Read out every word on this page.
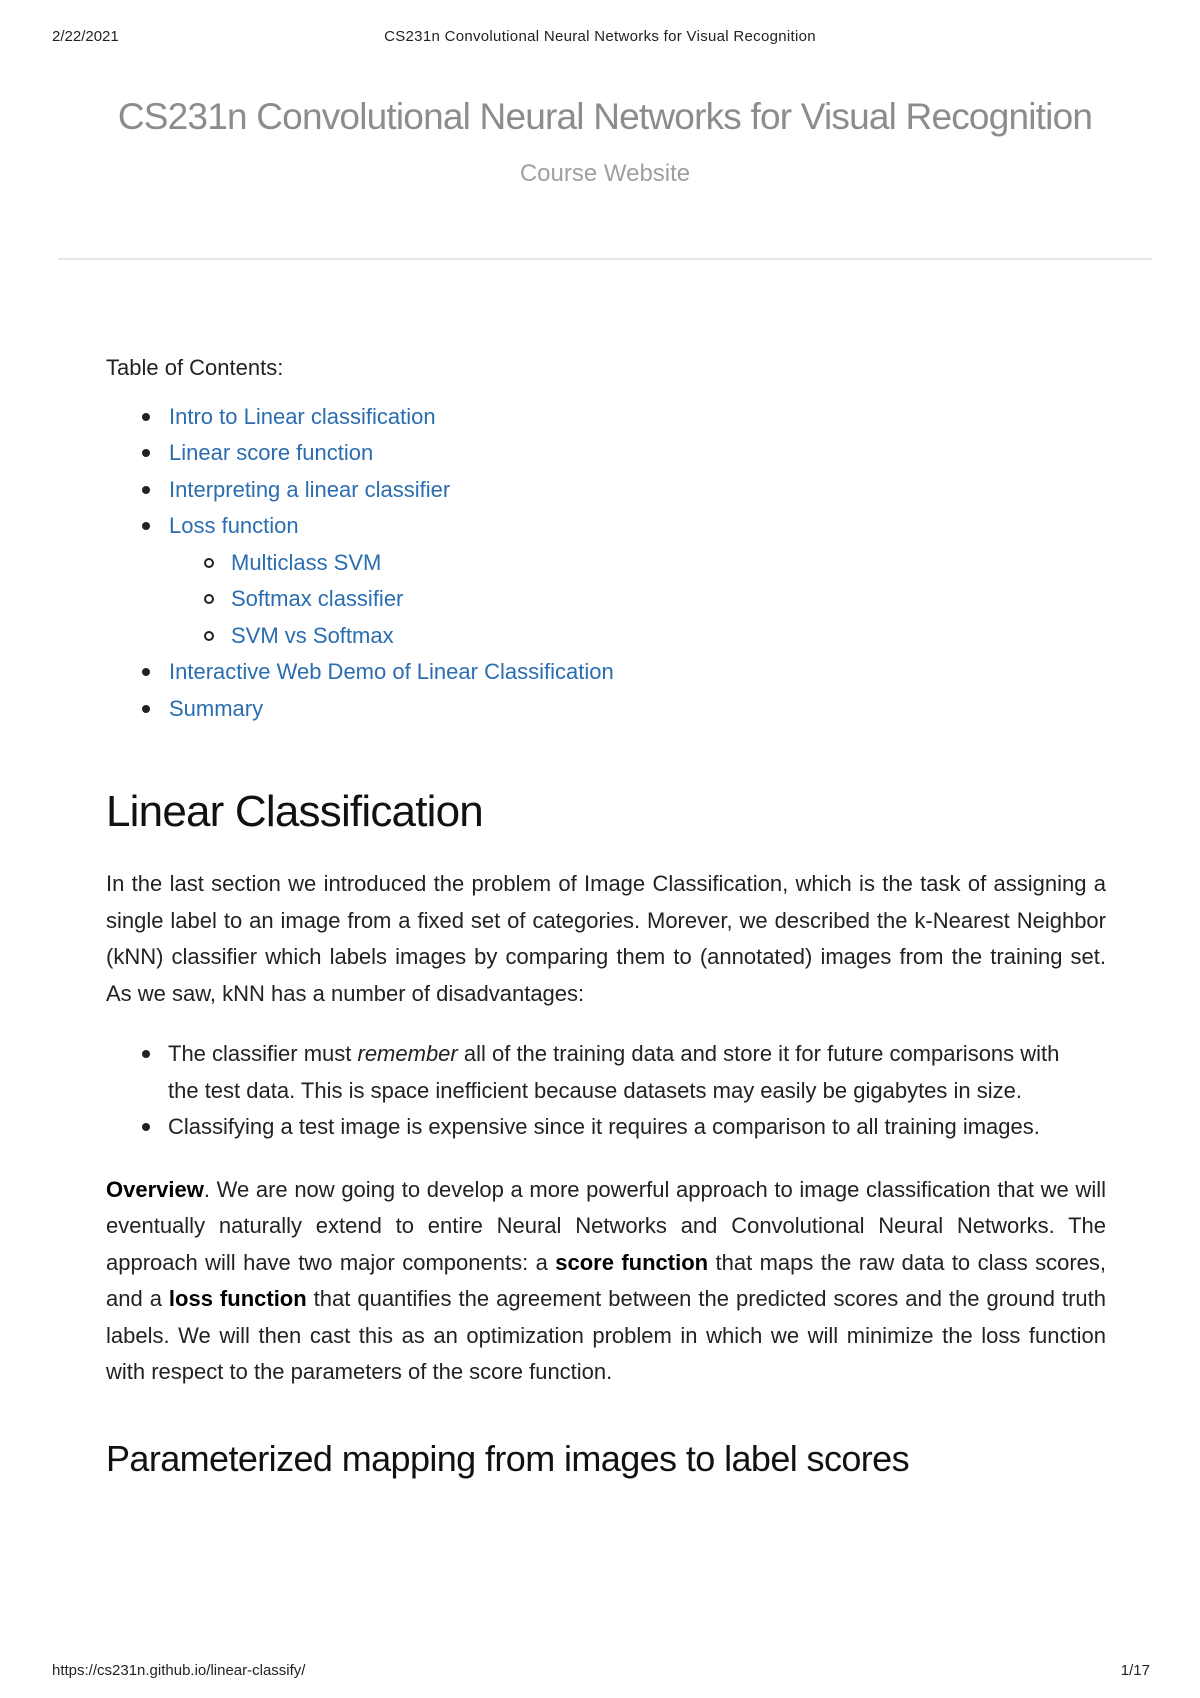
CS231n Convolutional Neural Networks for Visual Recognition
2/22/2021
CS231n Convolutional Neural Networks for Visual Recognition
Course Website

Table of Contents:

Intro to Linear classification
Linear score function
Interpreting a linear classifier
Loss function
Multiclass SVM
Softmax classifier
SVM vs Softmax
Interactive Web Demo of Linear Classification
Summary
Linear Classification

In the last section we introduced the problem of Image Classification, which is the task of assigning a single label to an image from a fixed set of categories. Morever, we described the k-Nearest Neighbor (kNN) classifier which labels images by comparing them to (annotated) images from the training set. As we saw, kNN has a number of disadvantages:

The classifier must remember all of the training data and store it for future comparisons with the test data. This is space inefficient because datasets may easily be gigabytes in size.
Classifying a test image is expensive since it requires a comparison to all training images.

Overview. We are now going to develop a more powerful approach to image classification that we will eventually naturally extend to entire Neural Networks and Convolutional Neural Networks. The approach will have two major components: a score function that maps the raw data to class scores, and a loss function that quantifies the agreement between the predicted scores and the ground truth labels. We will then cast this as an optimization problem in which we will minimize the loss function with respect to the parameters of the score function.

Parameterized mapping from images to label scores
https://cs231n.github.io/linear-classify/	1/17
